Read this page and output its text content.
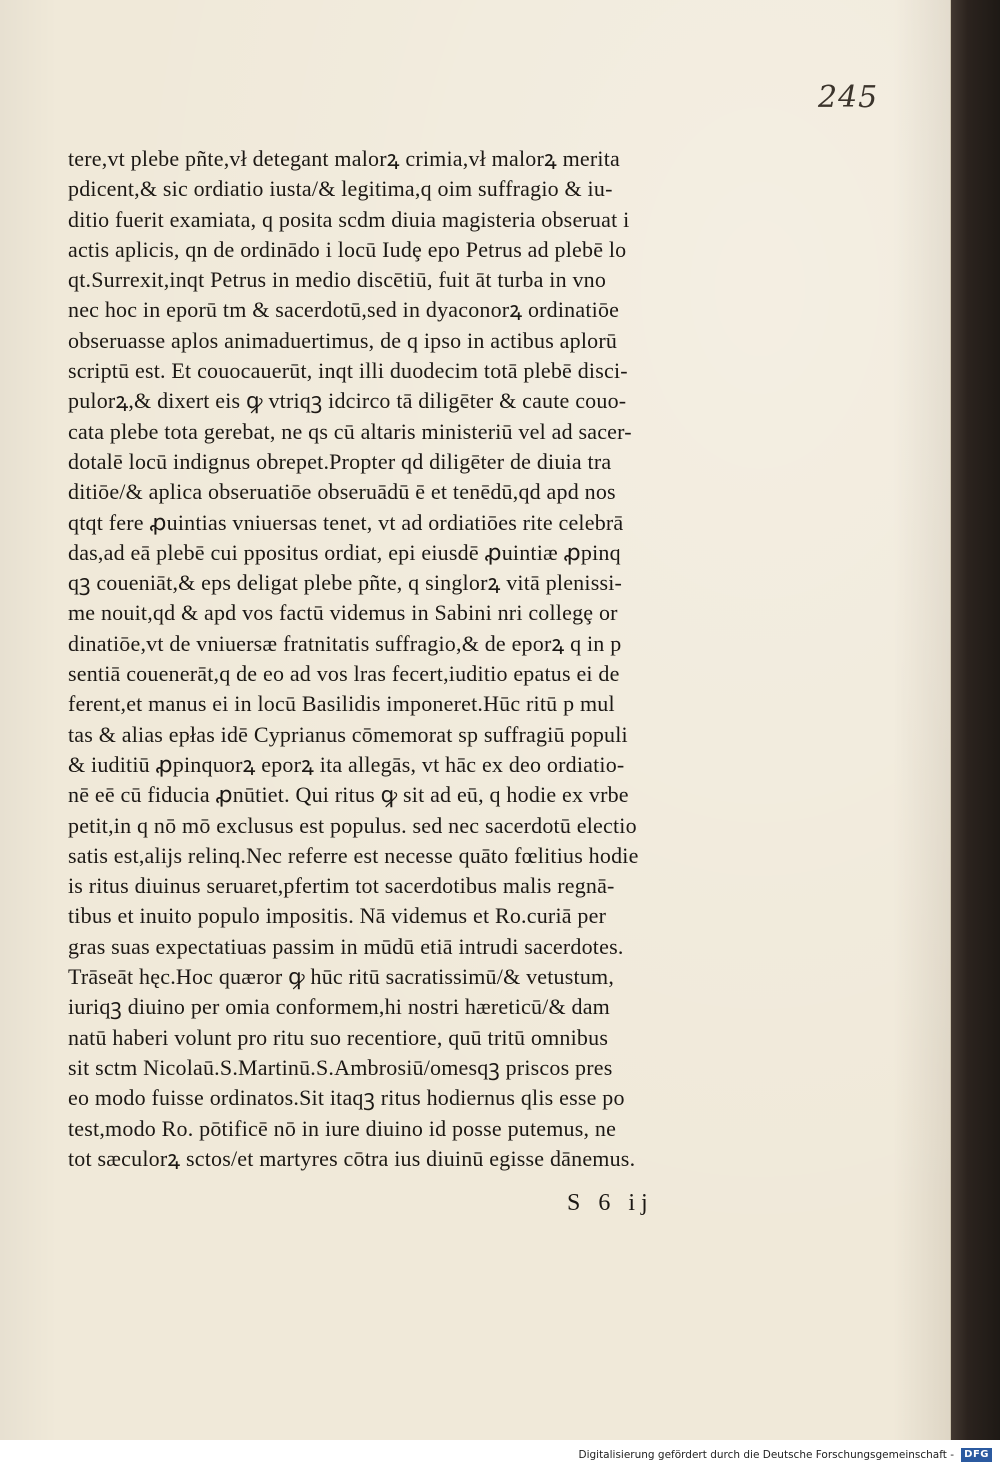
245
tere,vt plebe pñte,vł detegant malorꝝ crimia,vł malorꝝ merita
pdicent,& sic ordiatio iusta/& legitima,q oim suffragio & iu-
ditio fuerit examiata, q posita scdm diuia magisteria obseruat i
actis aplicis, qn de ordinādo i locū Iudȩ epo Petrus ad plebē lo
qt.Surrexit,inqt Petrus in medio discētiū, fuit āt turba in vno
nec hoc in eporū tm & sacerdotū,sed in dyaconorꝝ ordinatiōe
obseruasse aplos animaduertimus, de q ipso in actibus aplorū
scriptū est. Et couocauerūt, inqt illi duodecim totā plebē disci-
pulorꝝ,& dixert eis ꝙ vtriqꝫ idcirco tā diligēter & caute couo-
cata plebe tota gerebat, ne qs cū altaris ministeriū vel ad sacer-
dotalē locū indignus obrepet.Propter qd diligēter de diuia tra
ditiōe/& aplica obseruatiōe obseruādū ē et tenēdū,qd apd nos
qtqt fere ꝓuintias vniuersas tenet, vt ad ordiatiōes rite celebrā
das,ad eā plebē cui ppositus ordiat, epi eiusdē ꝓuintiæ ꝓpinq
qꝫ coueniāt,& eps deligat plebe pñte, q singlorꝝ vitā plenissi-
me nouit,qd & apd vos factū videmus in Sabini nri collegȩ or
dinatiōe,vt de vniuersæ fratnitatis suffragio,& de eporꝝ q in p
sentiā couenerāt,q de eo ad vos lras fecert,iuditio epatus ei de
ferent,et manus ei in locū Basilidis imponeret.Hūc ritū p mul
tas & alias epłas idē Cyprianus cōmemorat sp suffragiū populi
& iuditiū ꝓpinquorꝝ eporꝝ ita allegās, vt hāc ex deo ordiatio-
nē eē cū fiducia ꝓnūtiet. Qui ritus ꝙ sit ad eū, q hodie ex vrbe
petit,in q nō mō exclusus est populus. sed nec sacerdotū electio
satis est,alijs relinq.Nec referre est necesse quāto fœlitius hodie
is ritus diuinus seruaret,pfertim tot sacerdotibus malis regnā-
tibus et inuito populo impositis. Nā videmus et Ro.curiā per
gras suas expectatiuas passim in mūdū etiā intrudi sacerdotes.
Trāseāt hęc.Hoc quæror ꝙ hūc ritū sacratissimū/& vetustum,
iuriqꝫ diuino per omia conformem,hi nostri hæreticū/& dam
natū haberi volunt pro ritu suo recentiore, quū tritū omnibus
sit sctm Nicolaū.S.Martinū.S.Ambrosiū/omesqꝫ priscos pres
eo modo fuisse ordinatos.Sit itaqꝫ ritus hodiernus qlis esse po
test,modo Ro. pōtificē nō in iure diuino id posse putemus, ne
tot sæculorꝝ sctos/et martyres cōtra ius diuinū egisse dānemus.
S 6 ij
Digitalisierung gefördert durch die Deutsche Forschungsgemeinschaft -	DFG
